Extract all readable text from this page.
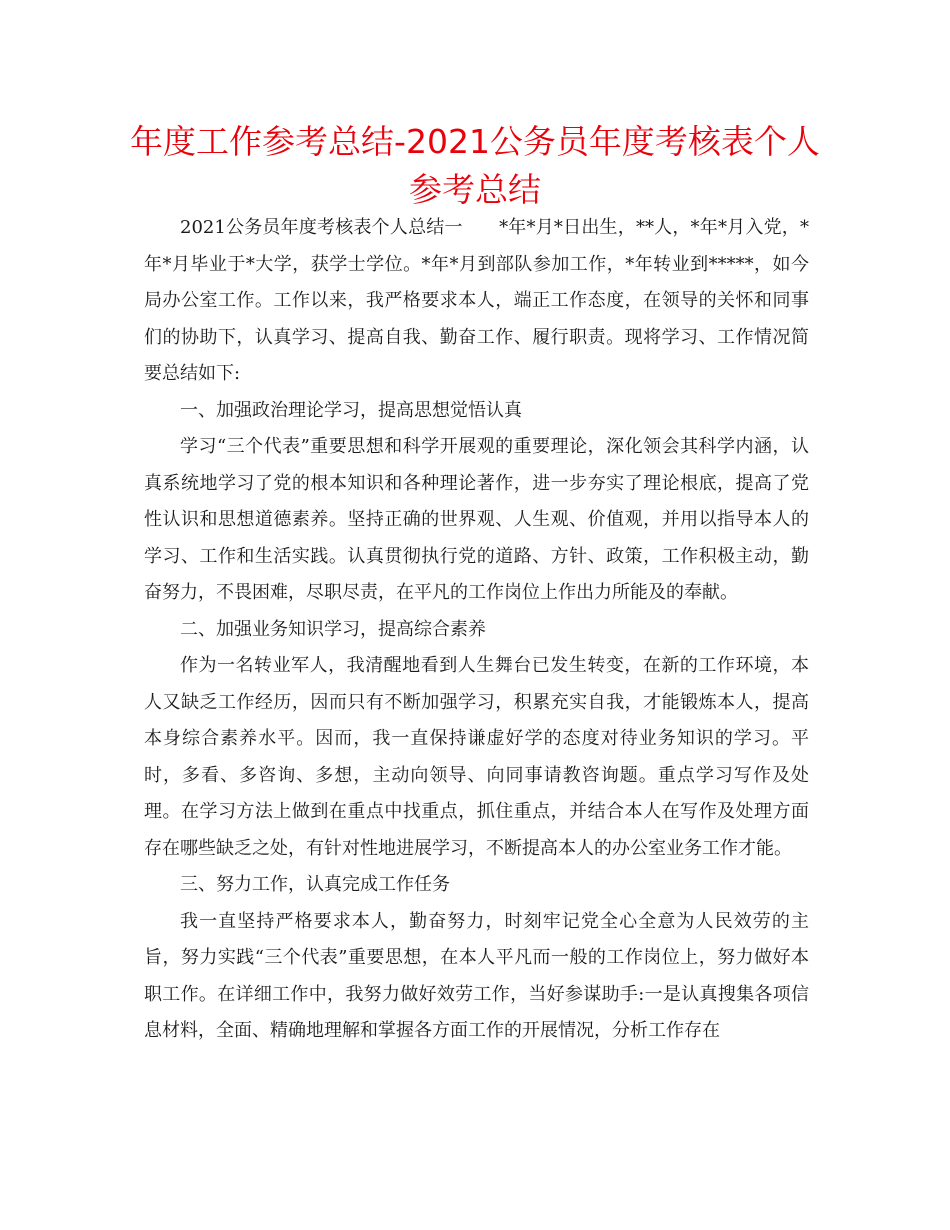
年度工作参考总结-2021公务员年度考核表个人参考总结

2021公务员年度考核表个人总结一　　*年*月*日出生，**人，*年*月入党，*年*月毕业于*大学，获学士学位。*年*月到部队参加工作，*年转业到*****，如今局办公室工作。工作以来，我严格要求本人，端正工作态度，在领导的关怀和同事们的协助下，认真学习、提高自我、勤奋工作、履行职责。现将学习、工作情况简要总结如下:

一、加强政治理论学习，提高思想觉悟认真

学习“三个代表”重要思想和科学开展观的重要理论，深化领会其科学内涵，认真系统地学习了党的根本知识和各种理论著作，进一步夯实了理论根底，提高了党性认识和思想道德素养。坚持正确的世界观、人生观、价值观，并用以指导本人的学习、工作和生活实践。认真贯彻执行党的道路、方针、政策，工作积极主动，勤奋努力，不畏困难，尽职尽责，在平凡的工作岗位上作出力所能及的奉献。

二、加强业务知识学习，提高综合素养

作为一名转业军人，我清醒地看到人生舞台已发生转变，在新的工作环境，本人又缺乏工作经历，因而只有不断加强学习，积累充实自我，才能锻炼本人，提高本身综合素养水平。因而，我一直保持谦虚好学的态度对待业务知识的学习。平时，多看、多咨询、多想，主动向领导、向同事请教咨询题。重点学习写作及处理。在学习方法上做到在重点中找重点，抓住重点，并结合本人在写作及处理方面存在哪些缺乏之处，有针对性地进展学习，不断提高本人的办公室业务工作才能。

三、努力工作，认真完成工作任务

我一直坚持严格要求本人，勤奋努力，时刻牢记党全心全意为人民效劳的主旨，努力实践“三个代表”重要思想，在本人平凡而一般的工作岗位上，努力做好本职工作。在详细工作中，我努力做好效劳工作，当好参谋助手:一是认真搜集各项信息材料，全面、精确地理解和掌握各方面工作的开展情况，分析工作存在
